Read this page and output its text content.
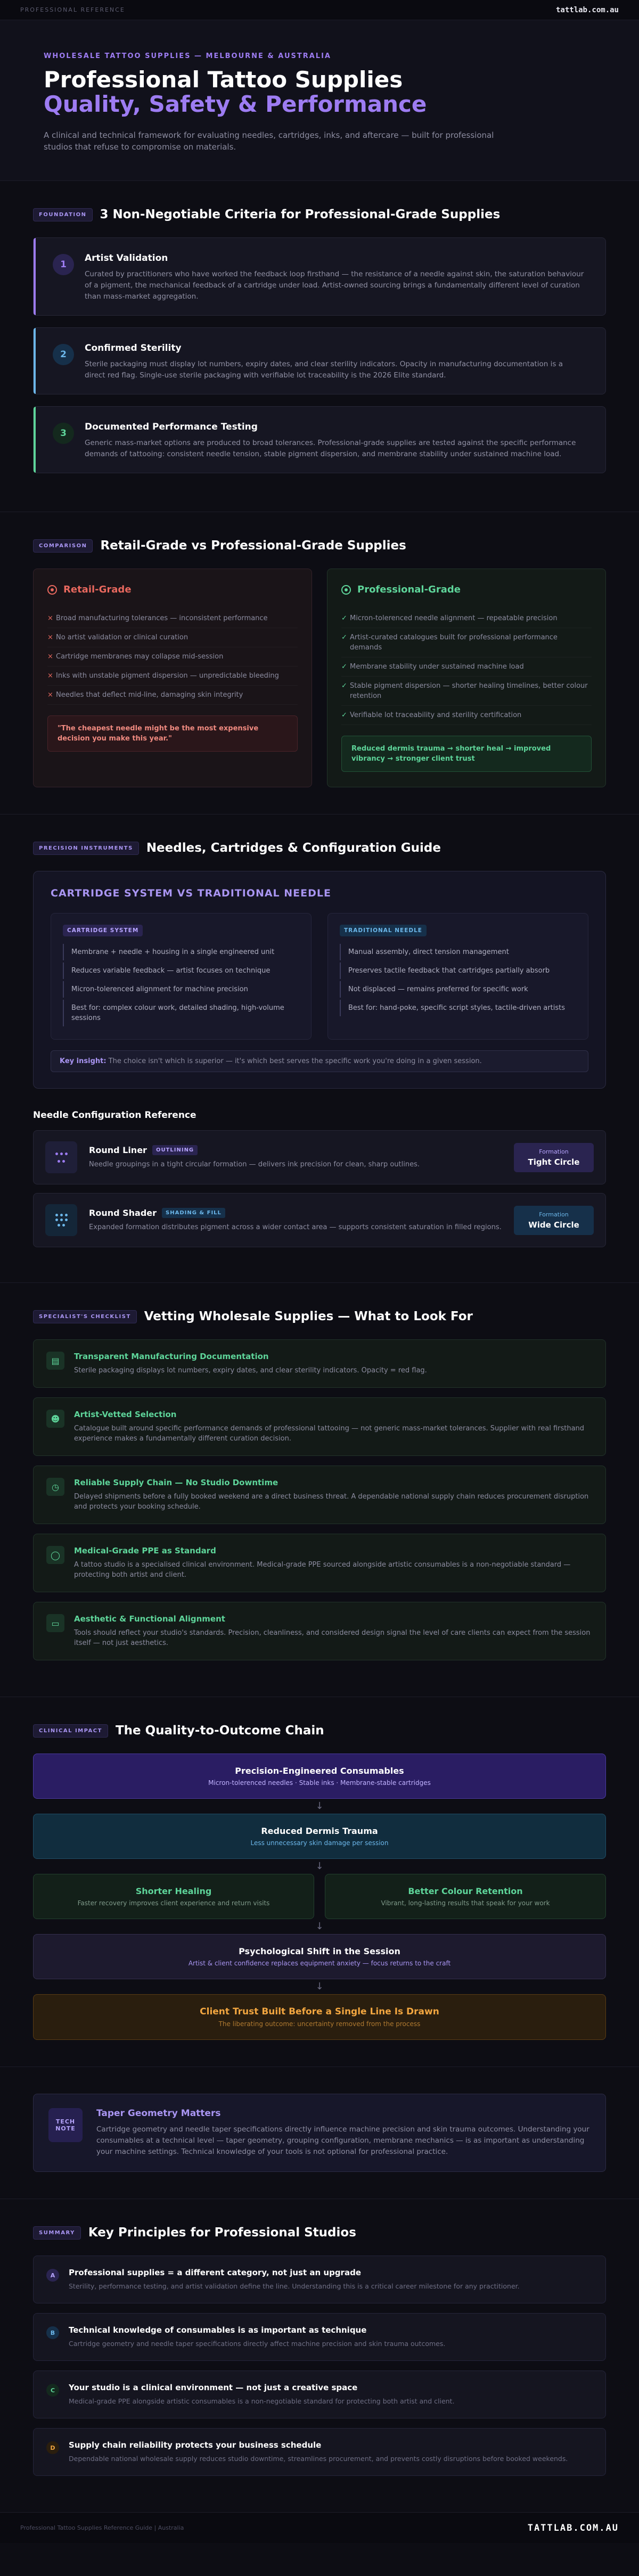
PROFESSIONAL REFERENCE	tattlab.com.au
WHOLESALE TATTOO SUPPLIES — MELBOURNE & AUSTRALIA
Professional Tattoo Supplies
Quality, Safety & Performance

A clinical and technical framework for evaluating needles, cartridges, inks, and aftercare — built for professional studios that refuse to compromise on materials.

FOUNDATION	3 Non-Negotiable Criteria for Professional-Grade Supplies
1
Artist Validation

Curated by practitioners who have worked the feedback loop firsthand — the resistance of a needle against skin, the saturation behaviour of a pigment, the mechanical feedback of a cartridge under load. Artist-owned sourcing brings a fundamentally different level of curation than mass-market aggregation.

2
Confirmed Sterility

Sterile packaging must display lot numbers, expiry dates, and clear sterility indicators. Opacity in manufacturing documentation is a direct red flag. Single-use sterile packaging with verifiable lot traceability is the 2026 Elite standard.

3
Documented Performance Testing

Generic mass-market options are produced to broad tolerances. Professional-grade supplies are tested against the specific performance demands of tattooing: consistent needle tension, stable pigment dispersion, and membrane stability under sustained machine load.

COMPARISON	Retail-Grade vs Professional-Grade Supplies
Retail-Grade
× Broad manufacturing tolerances — inconsistent performance
× No artist validation or clinical curation
× Cartridge membranes may collapse mid-session
× Inks with unstable pigment dispersion — unpredictable bleeding
× Needles that deflect mid-line, damaging skin integrity
"The cheapest needle might be the most expensive decision you make this year."
Professional-Grade
✓ Micron-tolerenced needle alignment — repeatable precision
✓ Artist-curated catalogues built for professional performance demands
✓ Membrane stability under sustained machine load
✓ Stable pigment dispersion — shorter healing timelines, better colour retention
✓ Verifiable lot traceability and sterility certification
Reduced dermis trauma → shorter heal → improved vibrancy → stronger client trust
PRECISION INSTRUMENTS	Needles, Cartridges & Configuration Guide
CARTRIDGE SYSTEM VS TRADITIONAL NEEDLE
CARTRIDGE SYSTEM
Membrane + needle + housing in a single engineered unit
Reduces variable feedback — artist focuses on technique
Micron-tolerenced alignment for machine precision
Best for: complex colour work, detailed shading, high-volume sessions
TRADITIONAL NEEDLE
Manual assembly, direct tension management
Preserves tactile feedback that cartridges partially absorb
Not displaced — remains preferred for specific work
Best for: hand-poke, specific script styles, tactile-driven artists
Key insight: The choice isn't which is superior — it's which best serves the specific work you're doing in a given session.
Needle Configuration Reference
Round Liner	OUTLINING
Needle groupings in a tight circular formation — delivers ink precision for clean, sharp outlines.
Formation
Tight Circle
Round Shader	SHADING & FILL
Expanded formation distributes pigment across a wider contact area — supports consistent saturation in filled regions.
Formation
Wide Circle
SPECIALIST'S CHECKLIST	Vetting Wholesale Supplies — What to Look For
▤	Transparent Manufacturing Documentation

Sterile packaging displays lot numbers, expiry dates, and clear sterility indicators. Opacity = red flag.

☻	Artist-Vetted Selection

Catalogue built around specific performance demands of professional tattooing — not generic mass-market tolerances. Supplier with real firsthand experience makes a fundamentally different curation decision.

◷	Reliable Supply Chain — No Studio Downtime

Delayed shipments before a fully booked weekend are a direct business threat. A dependable national supply chain reduces procurement disruption and protects your booking schedule.

◯	Medical-Grade PPE as Standard

A tattoo studio is a specialised clinical environment. Medical-grade PPE sourced alongside artistic consumables is a non-negotiable standard — protecting both artist and client.

▭	Aesthetic & Functional Alignment

Tools should reflect your studio's standards. Precision, cleanliness, and considered design signal the level of care clients can expect from the session itself — not just aesthetics.

CLINICAL IMPACT	The Quality-to-Outcome Chain
Precision-Engineered Consumables

Micron-tolerenced needles · Stable inks · Membrane-stable cartridges

↓
Reduced Dermis Trauma

Less unnecessary skin damage per session

↓
Shorter Healing

Faster recovery improves client experience and return visits

Better Colour Retention

Vibrant, long-lasting results that speak for your work

↓
Psychological Shift in the Session

Artist & client confidence replaces equipment anxiety — focus returns to the craft

↓
Client Trust Built Before a Single Line Is Drawn

The liberating outcome: uncertainty removed from the process

TECH
NOTE
Taper Geometry Matters

Cartridge geometry and needle taper specifications directly influence machine precision and skin trauma outcomes. Understanding your consumables at a technical level — taper geometry, grouping configuration, membrane mechanics — is as important as understanding your machine settings. Technical knowledge of your tools is not optional for professional practice.

SUMMARY	Key Principles for Professional Studios
A	Professional supplies = a different category, not just an upgrade

Sterility, performance testing, and artist validation define the line. Understanding this is a critical career milestone for any practitioner.

B	Technical knowledge of consumables is as important as technique

Cartridge geometry and needle taper specifications directly affect machine precision and skin trauma outcomes.

C	Your studio is a clinical environment — not just a creative space

Medical-grade PPE alongside artistic consumables is a non-negotiable standard for protecting both artist and client.

D	Supply chain reliability protects your business schedule

Dependable national wholesale supply reduces studio downtime, streamlines procurement, and prevents costly disruptions before booked weekends.

Professional Tattoo Supplies Reference Guide | Australia	TATTLAB.COM.AU
